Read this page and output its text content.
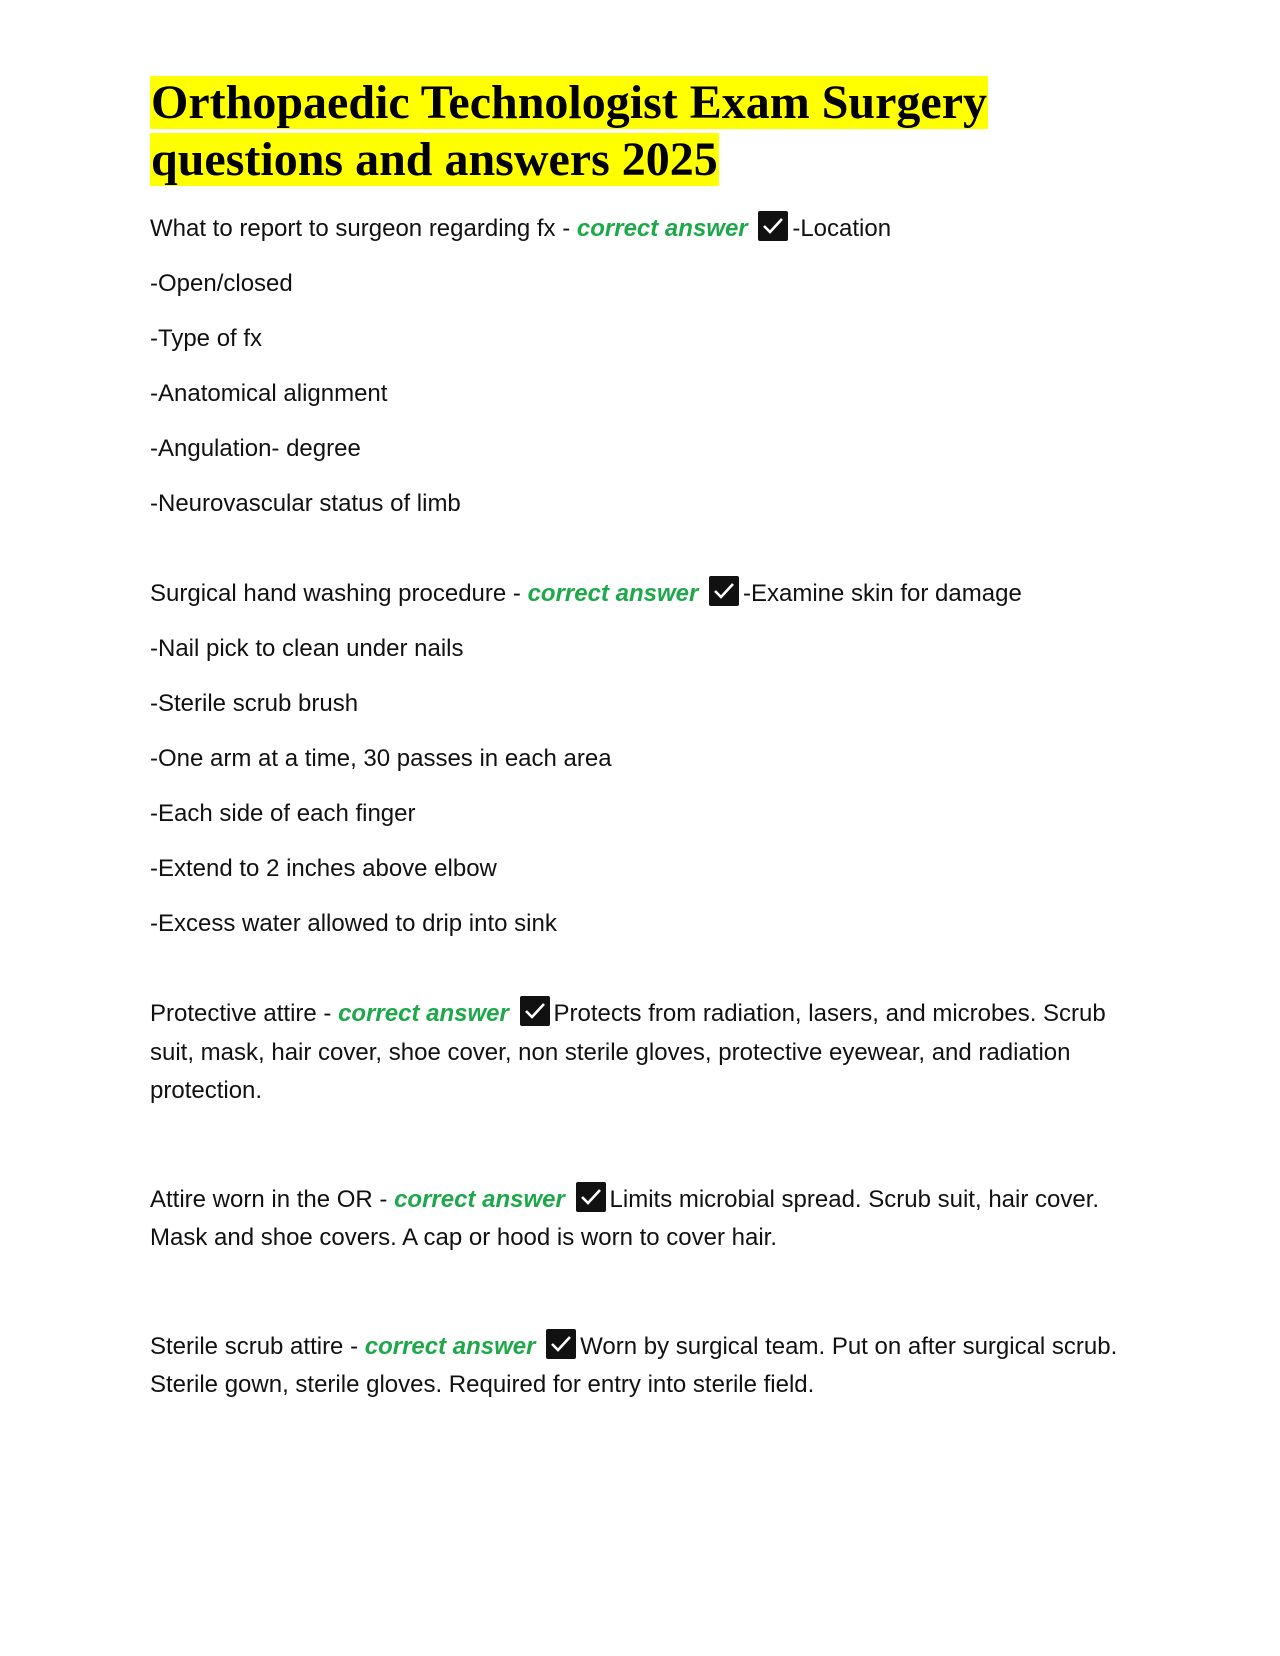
Orthopaedic Technologist Exam Surgery
questions and answers 2025
What to report to surgeon regarding fx - correct answer -Location
-Open/closed
-Type of fx
-Anatomical alignment
-Angulation- degree
-Neurovascular status of limb
Surgical hand washing procedure - correct answer -Examine skin for damage
-Nail pick to clean under nails
-Sterile scrub brush
-One arm at a time, 30 passes in each area
-Each side of each finger
-Extend to 2 inches above elbow
-Excess water allowed to drip into sink
Protective attire - correct answer Protects from radiation, lasers, and microbes. Scrub suit, mask, hair cover, shoe cover, non sterile gloves, protective eyewear, and radiation protection.
Attire worn in the OR - correct answer Limits microbial spread. Scrub suit, hair cover. Mask and shoe covers. A cap or hood is worn to cover hair.
Sterile scrub attire - correct answer Worn by surgical team. Put on after surgical scrub. Sterile gown, sterile gloves. Required for entry into sterile field.
